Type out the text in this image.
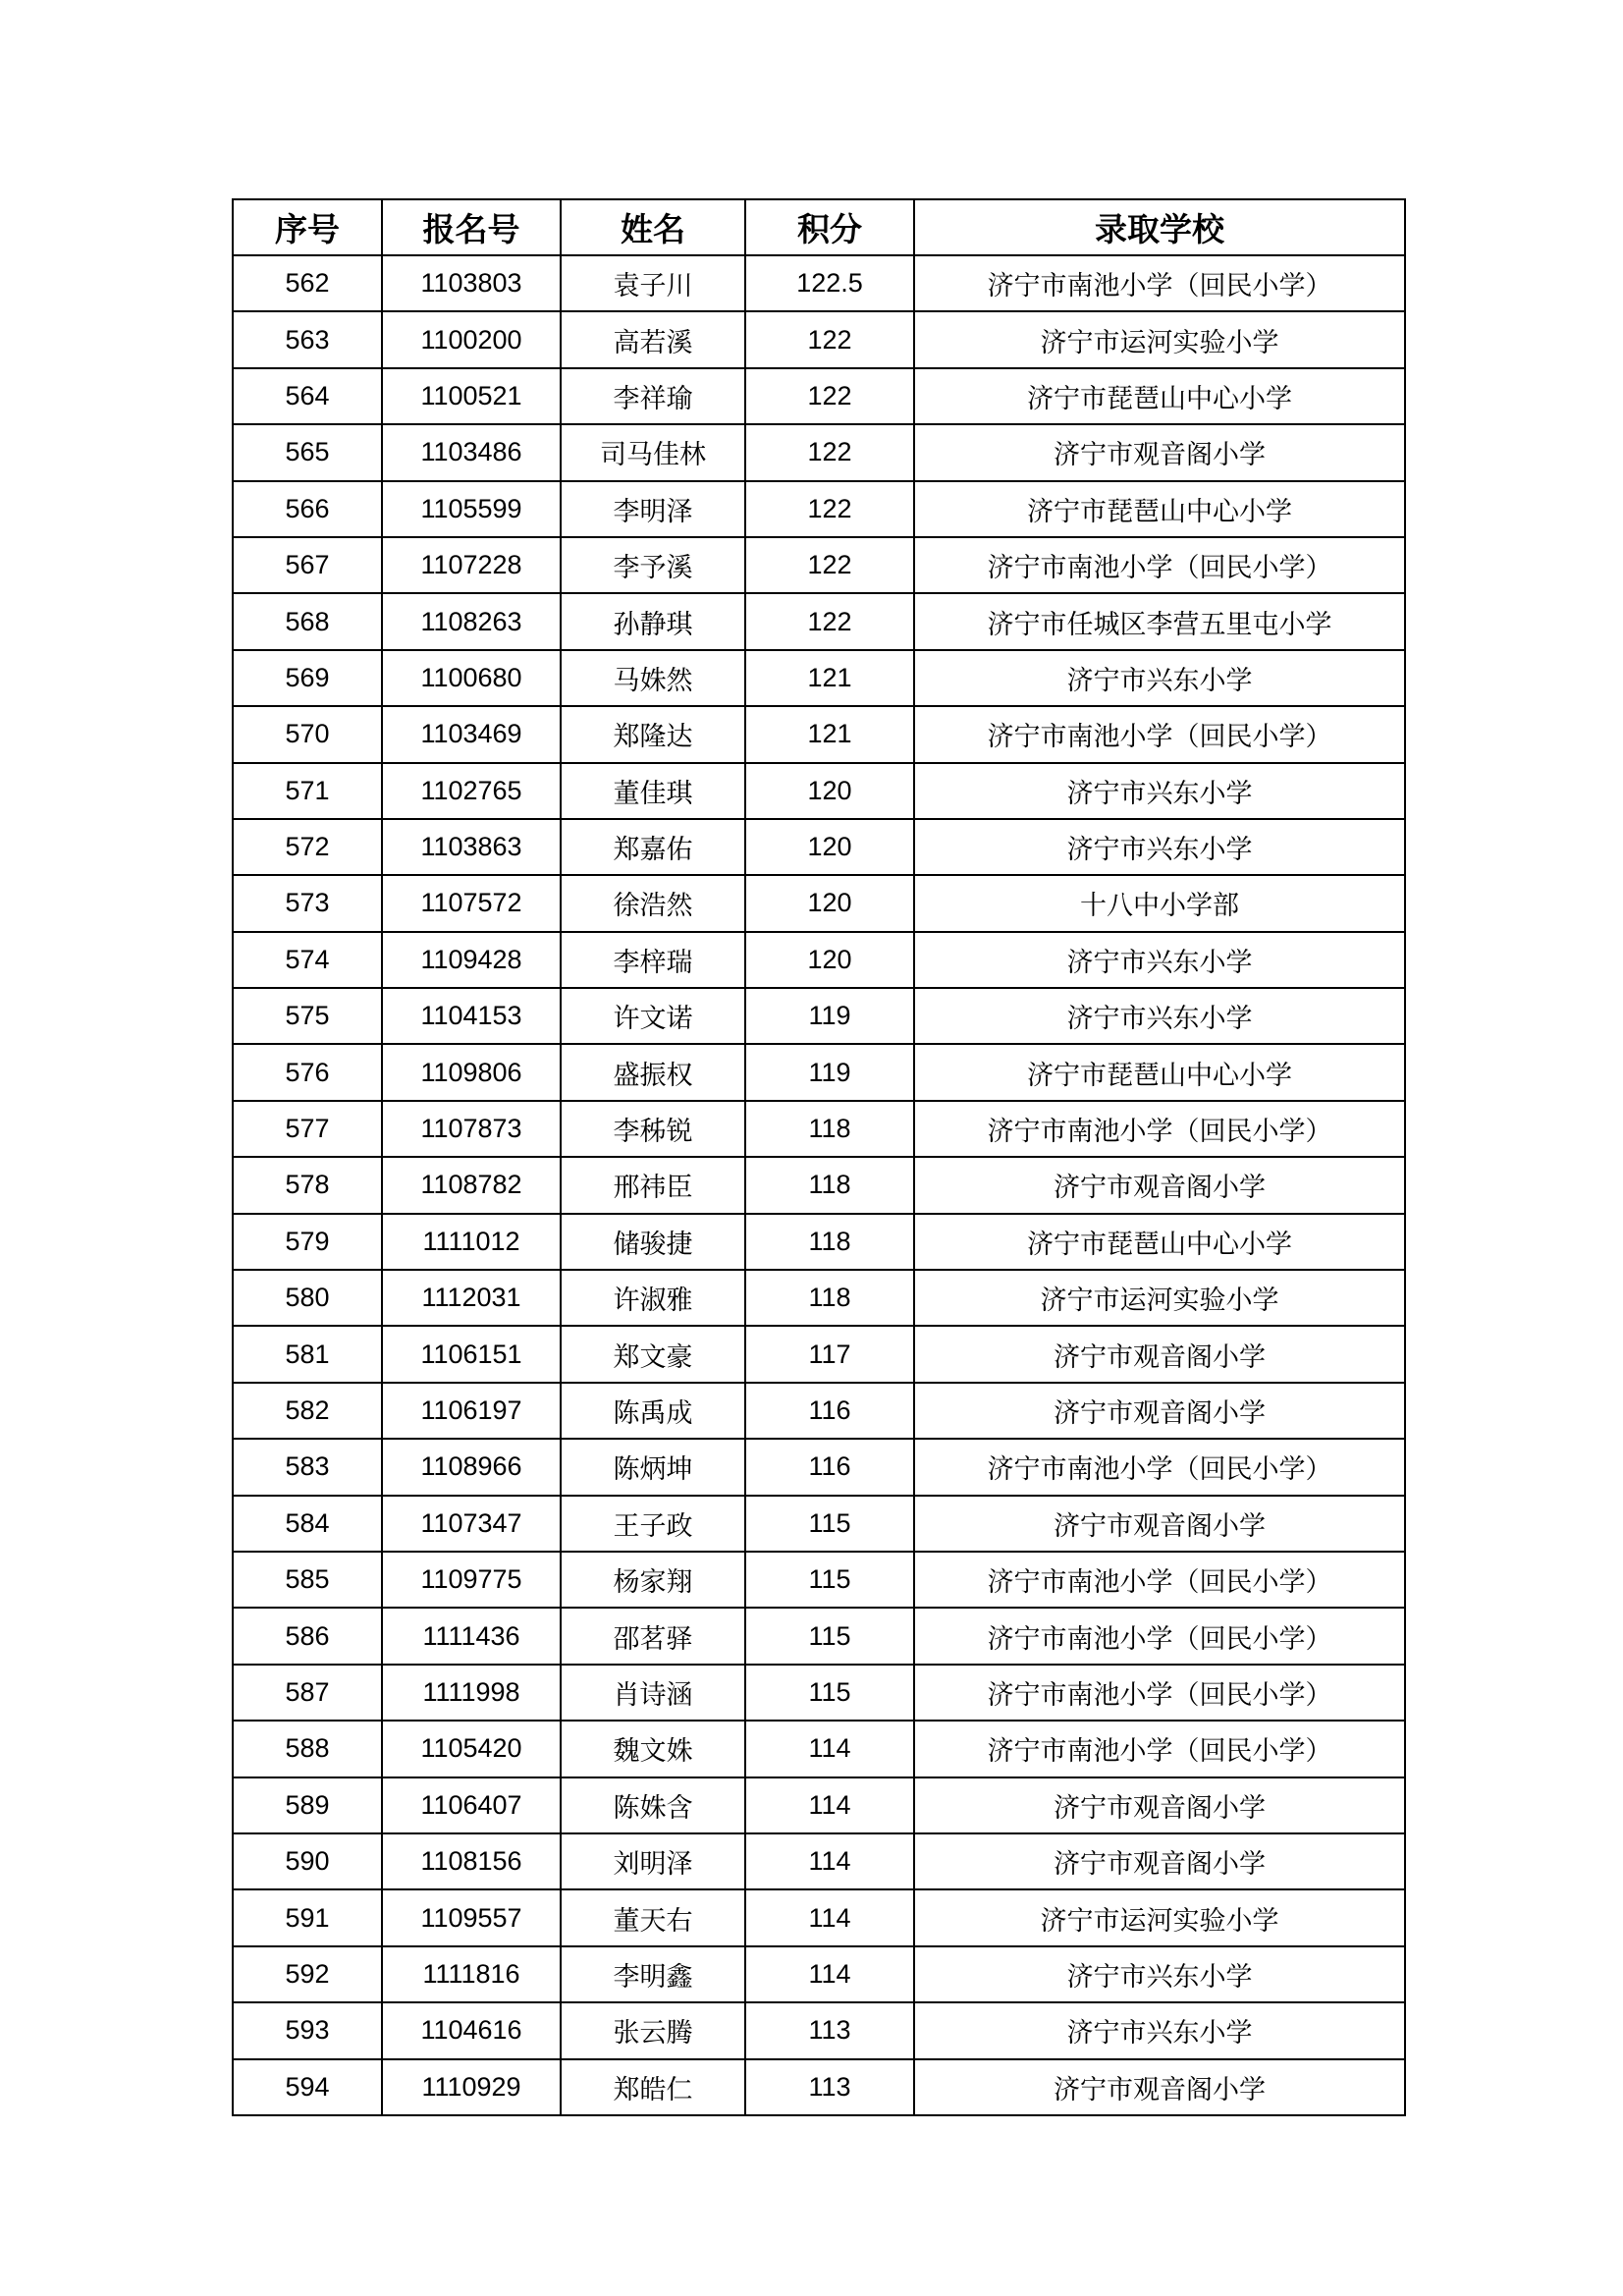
序号	报名号	姓名	积分	录取学校
562	1103803	袁子川	122.5	济宁市南池小学（回民小学）
563	1100200	高若溪	122	济宁市运河实验小学
564	1100521	李祥瑜	122	济宁市琵琶山中心小学
565	1103486	司马佳林	122	济宁市观音阁小学
566	1105599	李明泽	122	济宁市琵琶山中心小学
567	1107228	李予溪	122	济宁市南池小学（回民小学）
568	1108263	孙静琪	122	济宁市任城区李营五里屯小学
569	1100680	马姝然	121	济宁市兴东小学
570	1103469	郑隆达	121	济宁市南池小学（回民小学）
571	1102765	董佳琪	120	济宁市兴东小学
572	1103863	郑嘉佑	120	济宁市兴东小学
573	1107572	徐浩然	120	十八中小学部
574	1109428	李梓瑞	120	济宁市兴东小学
575	1104153	许文诺	119	济宁市兴东小学
576	1109806	盛振权	119	济宁市琵琶山中心小学
577	1107873	李秭锐	118	济宁市南池小学（回民小学）
578	1108782	邢祎臣	118	济宁市观音阁小学
579	1111012	储骏捷	118	济宁市琵琶山中心小学
580	1112031	许淑雅	118	济宁市运河实验小学
581	1106151	郑文豪	117	济宁市观音阁小学
582	1106197	陈禹成	116	济宁市观音阁小学
583	1108966	陈炳坤	116	济宁市南池小学（回民小学）
584	1107347	王子政	115	济宁市观音阁小学
585	1109775	杨家翔	115	济宁市南池小学（回民小学）
586	1111436	邵茗驿	115	济宁市南池小学（回民小学）
587	1111998	肖诗涵	115	济宁市南池小学（回民小学）
588	1105420	魏文姝	114	济宁市南池小学（回民小学）
589	1106407	陈姝含	114	济宁市观音阁小学
590	1108156	刘明泽	114	济宁市观音阁小学
591	1109557	董天右	114	济宁市运河实验小学
592	1111816	李明鑫	114	济宁市兴东小学
593	1104616	张云腾	113	济宁市兴东小学
594	1110929	郑皓仁	113	济宁市观音阁小学
